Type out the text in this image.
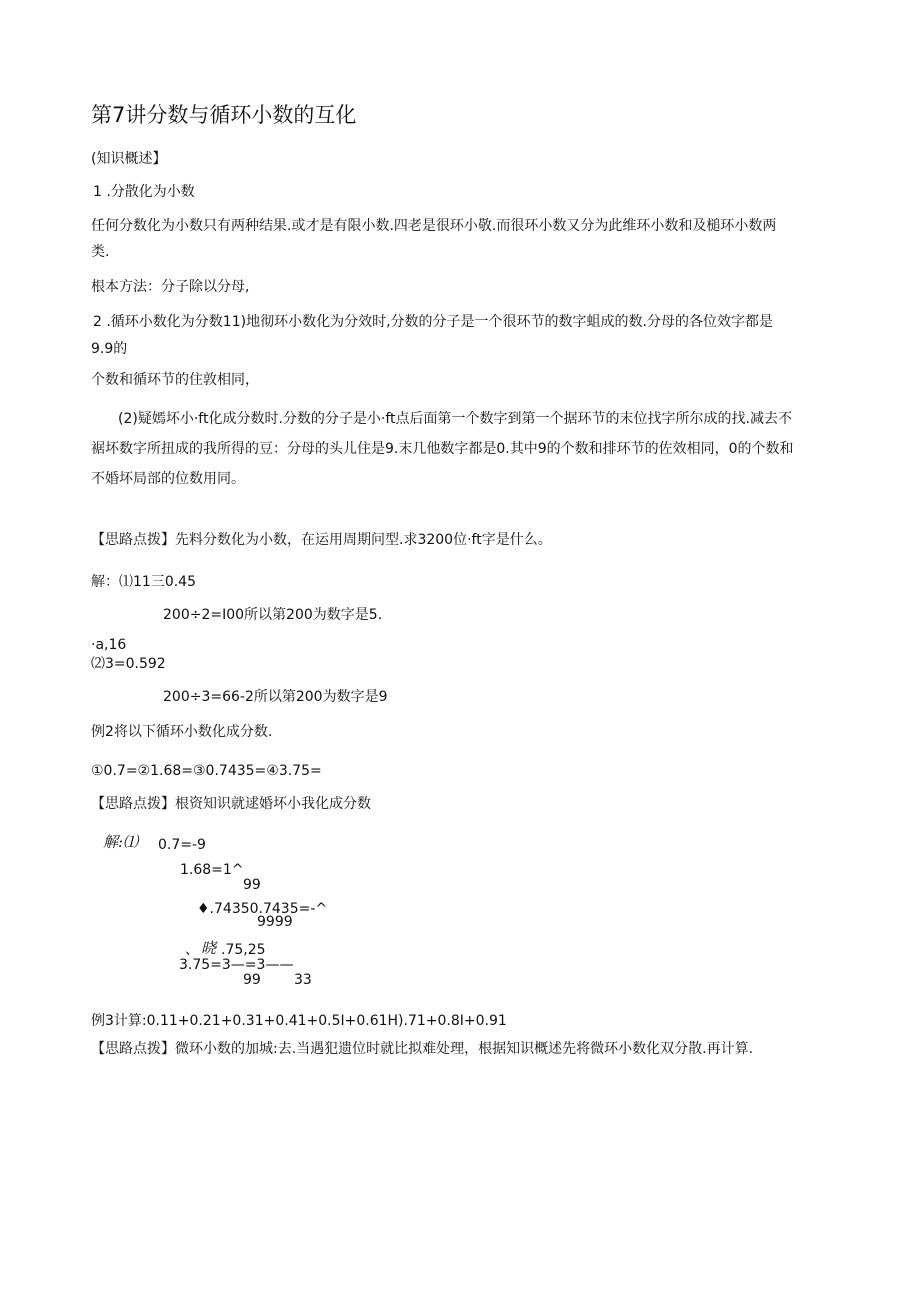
第7讲分数与循环小数的互化
(知识概述】
1 .分散化为小数
任何分数化为小数只有两种结果.或才是有限小数.四老是很环小敬.而很环小数又分为此维环小数和及槌环小数两
类.
根本方法：分子除以分母,
2 .循环小数化为分数11)地彻环小数化为分效时,分数的分子是一个很环节的数字蛆成的数.分母的各位效字都是
9.9的
个数和循环节的住敦相同，
(2)疑嫣坏小·ft化成分数时.分数的分子是小·ft点后面第一个数字到第一个据环节的末位找字所尔成的找.减去不
裾坏数字所扭成的我所得的豆：分母的头儿住是9.末几他数字都是0.其中9的个数和排环节的佐效相同，0的个数和
不婚坏局部的位数用同。
【思路点拨】先料分数化为小数，在运用周期问型.求3200位·ft字是什么。
解：⑴11三0.45
200÷2=I00所以第200为数字是5.
·a,16
⑵3=0.592
200÷3=66-2所以第200为数字是9
例2将以下循环小数化成分数.
①0.7=②1.68=③0.7435=④3.75=
【思路点拨】根资知识就逑婚坏小我化成分数
解:⑴ 0.7=-9
1.68=1^
99
♦.74350.7435=-^
9999
、 晓 .75,25
3.75=3—=3——
99 33
例3计算:0.11+0.21+0.31+0.41+0.5I+0.61H).71+0.8I+0.91
【思路点拨】微环小数的加城:去.当遇犯遗位时就比拟难处理，根据知识概述先将微环小数化双分散.再计算.
